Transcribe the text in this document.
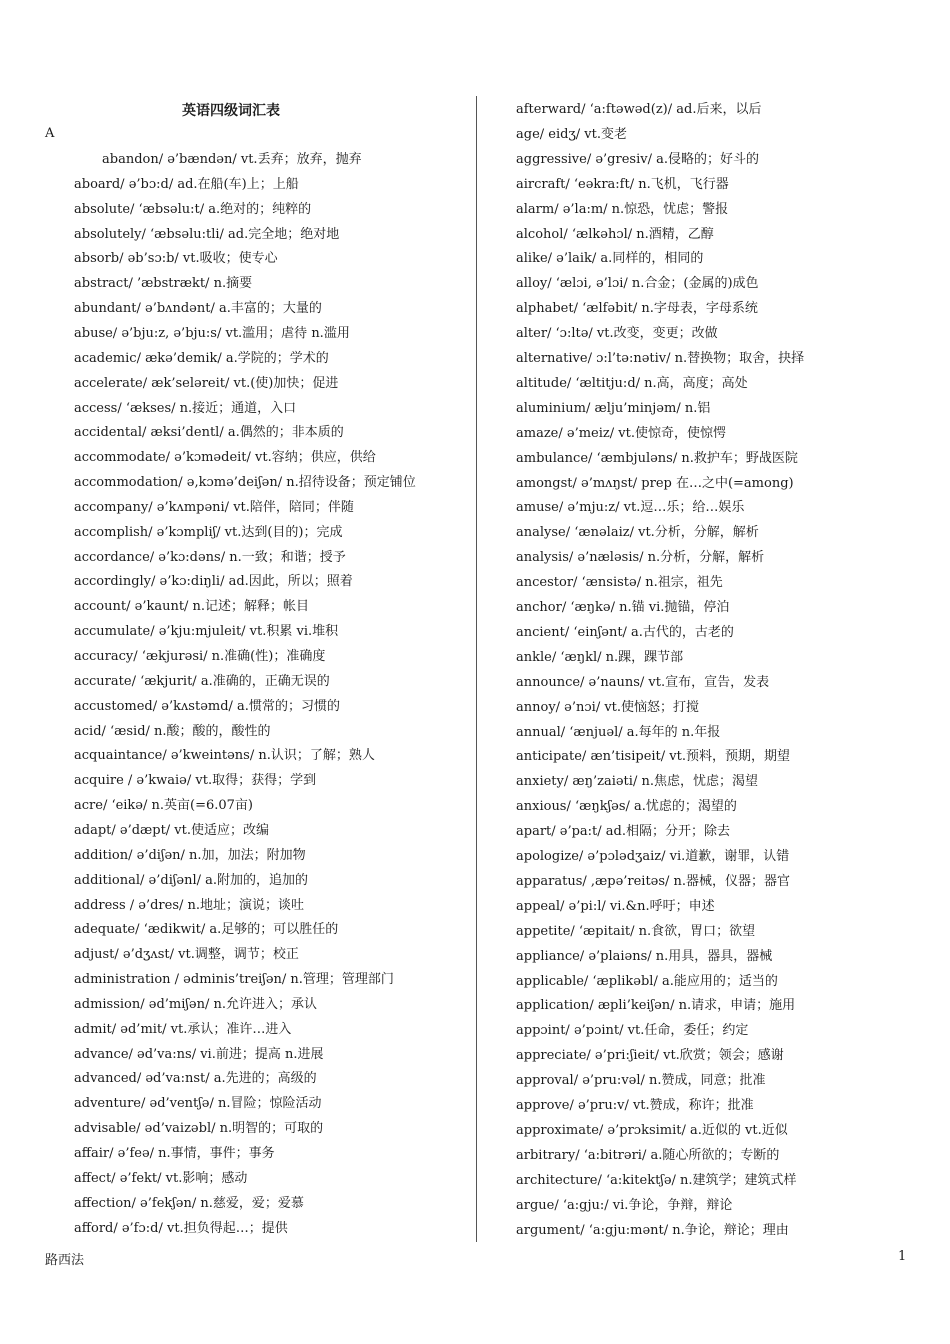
英语四级词汇表
A
abandon/ ə’bændən/ vt.丢弃；放弃，抛弃
aboard/ ə’bɔ:d/ ad.在船(车)上；上船
absolute/ ‘æbsəlu:t/ a.绝对的；纯粹的
absolutely/ ‘æbsəlu:tli/ ad.完全地；绝对地
absorb/ əb’sɔ:b/ vt.吸收；使专心
abstract/ ’æbstrækt/ n.摘要
abundant/ ə’bʌndənt/ a.丰富的；大量的
abuse/ ə’bju:z, ə’bju:s/ vt.滥用；虐待 n.滥用
academic/ ækə’demik/ a.学院的；学术的
accelerate/ æk’seləreit/ vt.(使)加快；促进
access/ ‘ækses/ n.接近；通道，入口
accidental/ æksi’dentl/ a.偶然的；非本质的
accommodate/ ə’kɔmədeit/ vt.容纳；供应，供给
accommodation/ ə,kɔmə’deiʃən/ n.招待设备；预定铺位
accompany/ ə’kʌmpəni/ vt.陪伴，陪同；伴随
accomplish/ ə’kɔmpliʃ/ vt.达到(目的)；完成
accordance/ ə’kɔ:dəns/ n.一致；和谐；授予
accordingly/ ə’kɔ:diŋli/ ad.因此，所以；照着
account/ ə’kaunt/ n.记述；解释；帐目
accumulate/ ə’kju:mjuleit/ vt.积累 vi.堆积
accuracy/ ‘ækjurəsi/ n.准确(性)；准确度
accurate/ ‘ækjurit/ a.准确的，正确无误的
accustomed/ ə’kʌstəmd/ a.惯常的；习惯的
acid/ ‘æsid/ n.酸；酸的，酸性的
acquaintance/ ə’kweintəns/ n.认识；了解；熟人
acquire / ə’kwaiə/ vt.取得；获得；学到
acre/ ‘eikə/ n.英亩(=6.07亩)
adapt/ ə’dæpt/ vt.使适应；改编
addition/ ə’diʃən/ n.加，加法；附加物
additional/ ə’diʃənl/ a.附加的，追加的
address / ə’dres/ n.地址；演说；谈吐
adequate/ ‘ædikwit/ a.足够的；可以胜任的
adjust/ ə’dʒʌst/ vt.调整，调节；校正
administration / ədminis’treiʃən/ n.管理；管理部门
admission/ əd’miʃən/ n.允许进入；承认
admit/ əd’mit/ vt.承认；准许…进入
advance/ əd’va:ns/ vi.前进；提高 n.进展
advanced/ əd’va:nst/ a.先进的；高级的
adventure/ əd’ventʃə/ n.冒险；惊险活动
advisable/ əd’vaizəbl/ n.明智的；可取的
affair/ ə’feə/ n.事情，事件；事务
affect/ ə’fekt/ vt.影响；感动
affection/ ə’fekʃən/ n.慈爱，爱；爱慕
afford/ ə’fɔ:d/ vt.担负得起…；提供
afterward/ ‘a:ftəwəd(z)/ ad.后来，以后
age/ eidʒ/ vt.变老
aggressive/ ə’gresiv/ a.侵略的；好斗的
aircraft/ ‘eəkra:ft/ n.飞机，飞行器
alarm/ ə’la:m/ n.惊恐，忧虑；警报
alcohol/ ‘ælkəhɔl/ n.酒精，乙醇
alike/ ə’laik/ a.同样的，相同的
alloy/ ‘ælɔi, ə’lɔi/ n.合金；(金属的)成色
alphabet/ ‘ælfəbit/ n.字母表，字母系统
alter/ ‘ɔ:ltə/ vt.改变，变更；改做
alternative/ ɔ:l’tə:nətiv/ n.替换物；取舍，抉择
altitude/ ‘æltitju:d/ n.高，高度；高处
aluminium/ ælju’minjəm/ n.铝
amaze/ ə’meiz/ vt.使惊奇，使惊愕
ambulance/ ‘æmbjuləns/ n.救护车；野战医院
amongst/ ə’mʌŋst/ prep 在…之中(=among)
amuse/ ə’mju:z/ vt.逗…乐；给…娱乐
analyse/ ‘ænəlaiz/ vt.分析，分解，解析
analysis/ ə’næləsis/ n.分析，分解，解析
ancestor/ ‘ænsistə/ n.祖宗，祖先
anchor/ ‘æŋkə/ n.锚 vi.抛锚，停泊
ancient/ ‘einʃənt/ a.古代的，古老的
ankle/ ‘æŋkl/ n.踝，踝节部
announce/ ə’nauns/ vt.宣布，宣告，发表
annoy/ ə’nɔi/ vt.使恼怒；打搅
annual/ ‘ænjuəl/ a.每年的 n.年报
anticipate/ æn’tisipeit/ vt.预料，预期，期望
anxiety/ æŋ’zaiəti/ n.焦虑，忧虑；渴望
anxious/ ‘æŋkʃəs/ a.忧虑的；渴望的
apart/ ə’pa:t/ ad.相隔；分开；除去
apologize/ ə’pɔlədʒaiz/ vi.道歉，谢罪，认错
apparatus/ ,æpə’reitəs/ n.器械，仪器；器官
appeal/ ə’pi:l/ vi.&n.呼吁；申述
appetite/ ‘æpitait/ n.食欲，胃口；欲望
appliance/ ə’plaiəns/ n.用具，器具，器械
applicable/ ‘æplikəbl/ a.能应用的；适当的
application/ æpli’keiʃən/ n.请求，申请；施用
appɔint/ ə’pɔint/ vt.任命，委任；约定
appreciate/ ə’pri:ʃieit/ vt.欣赏；领会；感谢
approval/ ə’pru:vəl/ n.赞成，同意；批准
approve/ ə’pru:v/ vt.赞成，称许；批准
approximate/ ə’prɔksimit/ a.近似的 vt.近似
arbitrary/ ‘a:bitrəri/ a.随心所欲的；专断的
architecture/ ‘a:kitektʃə/ n.建筑学；建筑式样
argue/ ‘a:gju:/ vi.争论，争辩，辩论
argument/ ‘a:gju:mənt/ n.争论，辩论；理由
路西法	1
